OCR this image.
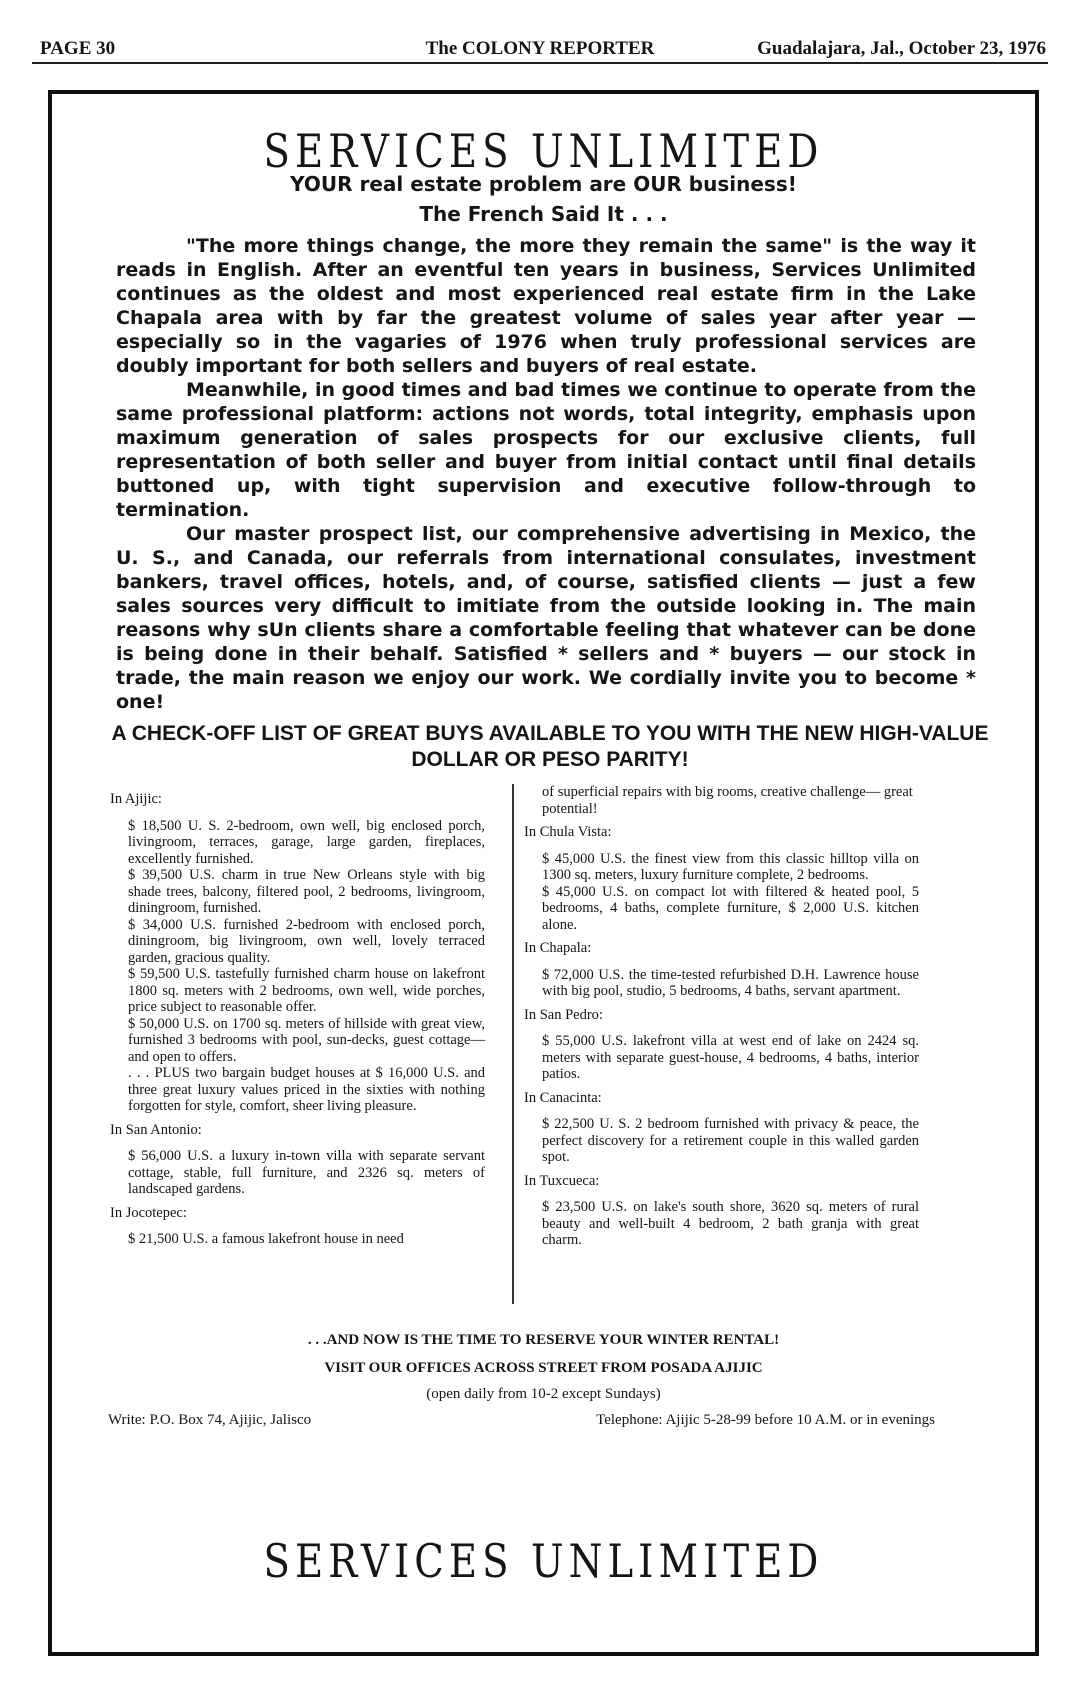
PAGE 30	The COLONY REPORTER	Guadalajara, Jal., October 23, 1976
SERVICES UNLIMITED
YOUR real estate problem are OUR business!
The French Said It . . .

"The more things change, the more they remain the same" is the way it reads in English. After an eventful ten years in business, Services Unlimited continues as the oldest and most experienced real estate firm in the Lake Chapala area with by far the greatest volume of sales year after year — especially so in the vagaries of 1976 when truly professional services are doubly important for both sellers and buyers of real estate.

Meanwhile, in good times and bad times we continue to operate from the same professional platform: actions not words, total integrity, emphasis upon maximum generation of sales prospects for our exclusive clients, full representation of both seller and buyer from initial contact until final details buttoned up, with tight supervision and executive follow-through to termination.

Our master prospect list, our comprehensive advertising in Mexico, the U. S., and Canada, our referrals from international consulates, investment bankers, travel offices, hotels, and, of course, satisfied clients — just a few sales sources very difficult to imitiate from the outside looking in. The main reasons why sUn clients share a comfortable feeling that whatever can be done is being done in their behalf. Satisfied * sellers and * buyers — our stock in trade, the main reason we enjoy our work. We cordially invite you to become * one!

A CHECK-OFF LIST OF GREAT BUYS AVAILABLE TO YOU WITH THE NEW HIGH-VALUE DOLLAR OR PESO PARITY!
In Ajijic:
$ 18,500 U. S. 2-bedroom, own well, big enclosed porch, livingroom, terraces, garage, large garden, fireplaces, excellently furnished.
$ 39,500 U.S. charm in true New Orleans style with big shade trees, balcony, filtered pool, 2 bedrooms, livingroom, diningroom, furnished.
$ 34,000 U.S. furnished 2-bedroom with enclosed porch, diningroom, big livingroom, own well, lovely terraced garden, gracious quality.
$ 59,500 U.S. tastefully furnished charm house on lakefront 1800 sq. meters with 2 bedrooms, own well, wide porches, price subject to reasonable offer.
$ 50,000 U.S. on 1700 sq. meters of hillside with great view, furnished 3 bedrooms with pool, sun-decks, guest cottage— and open to offers.
. . . PLUS two bargain budget houses at $ 16,000 U.S. and three great luxury values priced in the sixties with nothing forgotten for style, comfort, sheer living pleasure.
In San Antonio:
$ 56,000 U.S. a luxury in-town villa with separate servant cottage, stable, full furniture, and 2326 sq. meters of landscaped gardens.
In Jocotepec:
$ 21,500 U.S. a famous lakefront house in need
of superficial repairs with big rooms, creative challenge— great potential!
In Chula Vista:
$ 45,000 U.S. the finest view from this classic hilltop villa on 1300 sq. meters, luxury furniture complete, 2 bedrooms.
$ 45,000 U.S. on compact lot with filtered & heated pool, 5 bedrooms, 4 baths, complete furniture, $ 2,000 U.S. kitchen alone.
In Chapala:
$ 72,000 U.S. the time-tested refurbished D.H. Lawrence house with big pool, studio, 5 bedrooms, 4 baths, servant apartment.
In San Pedro:
$ 55,000 U.S. lakefront villa at west end of lake on 2424 sq. meters with separate guest-house, 4 bedrooms, 4 baths, interior patios.
In Canacinta:
$ 22,500 U. S. 2 bedroom furnished with privacy & peace, the perfect discovery for a retirement couple in this walled garden spot.
In Tuxcueca:
$ 23,500 U.S. on lake's south shore, 3620 sq. meters of rural beauty and well-built 4 bedroom, 2 bath granja with great charm.
. . .AND NOW IS THE TIME TO RESERVE YOUR WINTER RENTAL!
VISIT OUR OFFICES ACROSS STREET FROM POSADA AJIJIC
(open daily from 10-2 except Sundays)
Write: P.O. Box 74, Ajijic, Jalisco	Telephone: Ajijic 5-28-99 before 10 A.M. or in evenings
SERVICES UNLIMITED
